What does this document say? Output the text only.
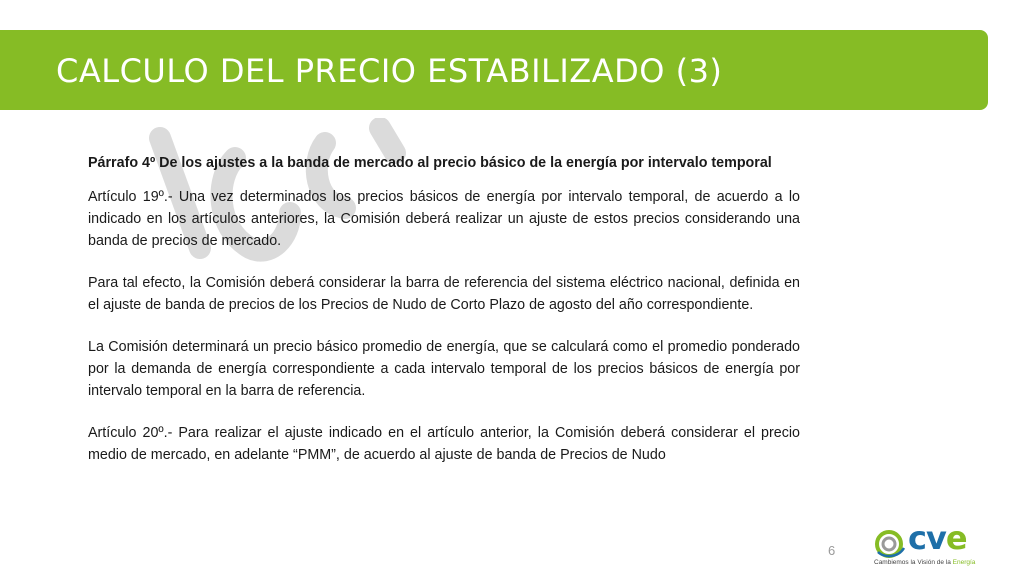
CALCULO DEL PRECIO ESTABILIZADO (3)

Párrafo 4º De los ajustes a la banda de mercado al precio básico de la energía por intervalo temporal

Artículo 19º.- Una vez determinados los precios básicos de energía por intervalo temporal, de acuerdo a lo indicado en los artículos anteriores, la Comisión deberá realizar un ajuste de estos precios considerando una banda de precios de mercado.

Para tal efecto, la Comisión deberá considerar la barra de referencia del sistema eléctrico nacional, definida en el ajuste de banda de precios de los Precios de Nudo de Corto Plazo de agosto del año correspondiente.

La Comisión determinará un precio básico promedio de energía, que se calculará como el promedio ponderado por la demanda de energía correspondiente a cada intervalo temporal de los precios básicos de energía por intervalo temporal en la barra de referencia.

Artículo 20º.- Para realizar el ajuste indicado en el artículo anterior, la Comisión deberá considerar el precio medio de mercado, en adelante “PMM”, de acuerdo al ajuste de banda de Precios de Nudo

6 cve
Cambiemos la Visión de la Energía
